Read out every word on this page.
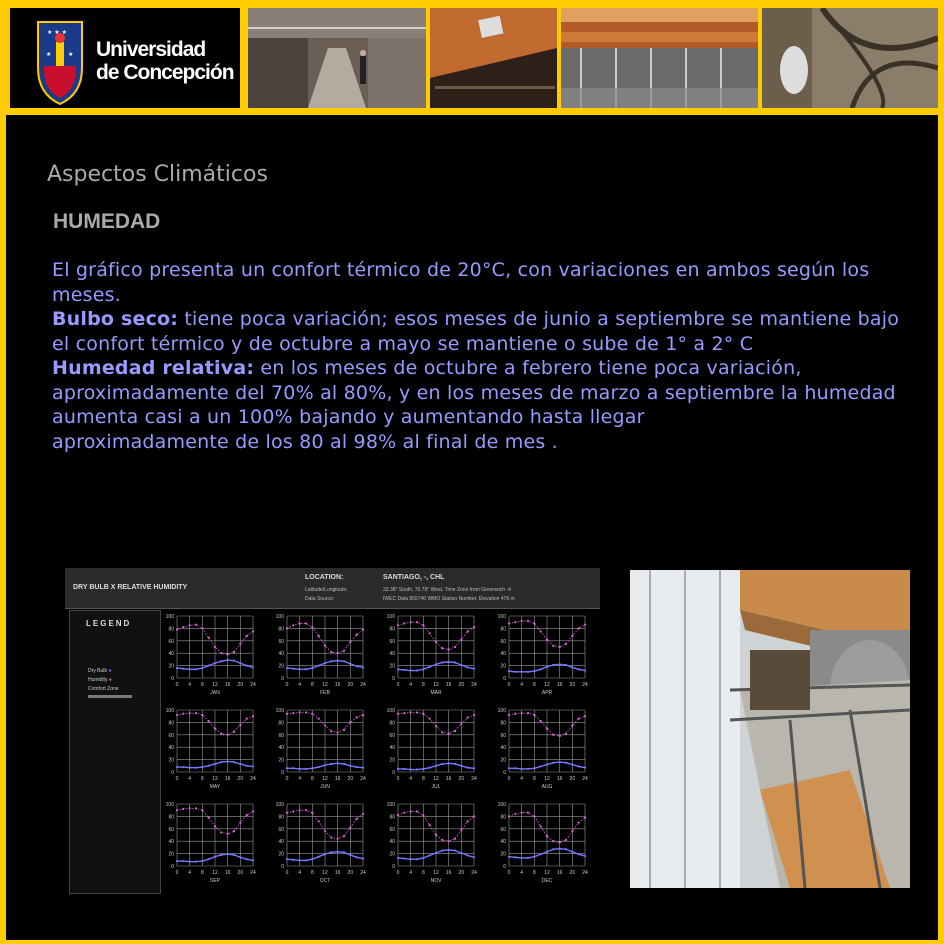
★ ★ ★
★	★ Universidad
de Concepción
Aspectos Climáticos
HUMEDAD
El gráfico presenta un confort térmico de 20°C, con variaciones en ambos según los meses.
Bulbo seco: tiene poca variación; esos meses de junio a septiembre se mantiene bajo el confort térmico y de octubre a mayo se mantiene o sube de 1° a 2° C
Humedad relativa: en los meses de octubre a febrero tiene poca variación, aproximadamente del 70% al 80%, y en los meses de marzo a septiembre la humedad aumenta casi a un 100% bajando y aumentando hasta llegar
aproximadamente de los 80 al 98% al final de mes .
DRY BULB X RELATIVE HUMIDITY
LOCATION:	SANTIAGO, -, CHL
Latitude/Longitude:	33.38° South, 70.78° West, Time Zone from Greenwich -4
Data Source:	IWEC Data 855740 WMO Station Number, Elevation 476 m
LEGEND
Dry Bulb ●
Humidity ●
Comfort Zone
100
80
60
40
20
0
0 4 8 12 16 20 24
JAN
100
80
60
40
20
0
0 4 8 12 16 20 24
FEB
100
80
60
40
20
0
0 4 8 12 16 20 24
MAR
100
80
60
40
20
0
0 4 8 12 16 20 24
APR
100
80
60
40
20
0
0 4 8 12 16 20 24
MAY
100
80
60
40
20
0
0 4 8 12 16 20 24
JUN
100
80
60
40
20
0
0 4 8 12 16 20 24
JUL
100
80
60
40
20
0
0 4 8 12 16 20 24
AUG
100
80
60
40
20
0
0 4 8 12 16 20 24
SEP
100
80
60
40
20
0
0 4 8 12 16 20 24
OCT
100
80
60
40
20
0
0 4 8 12 16 20 24
NOV
100
80
60
40
20
0
0 4 8 12 16 20 24
DEC
